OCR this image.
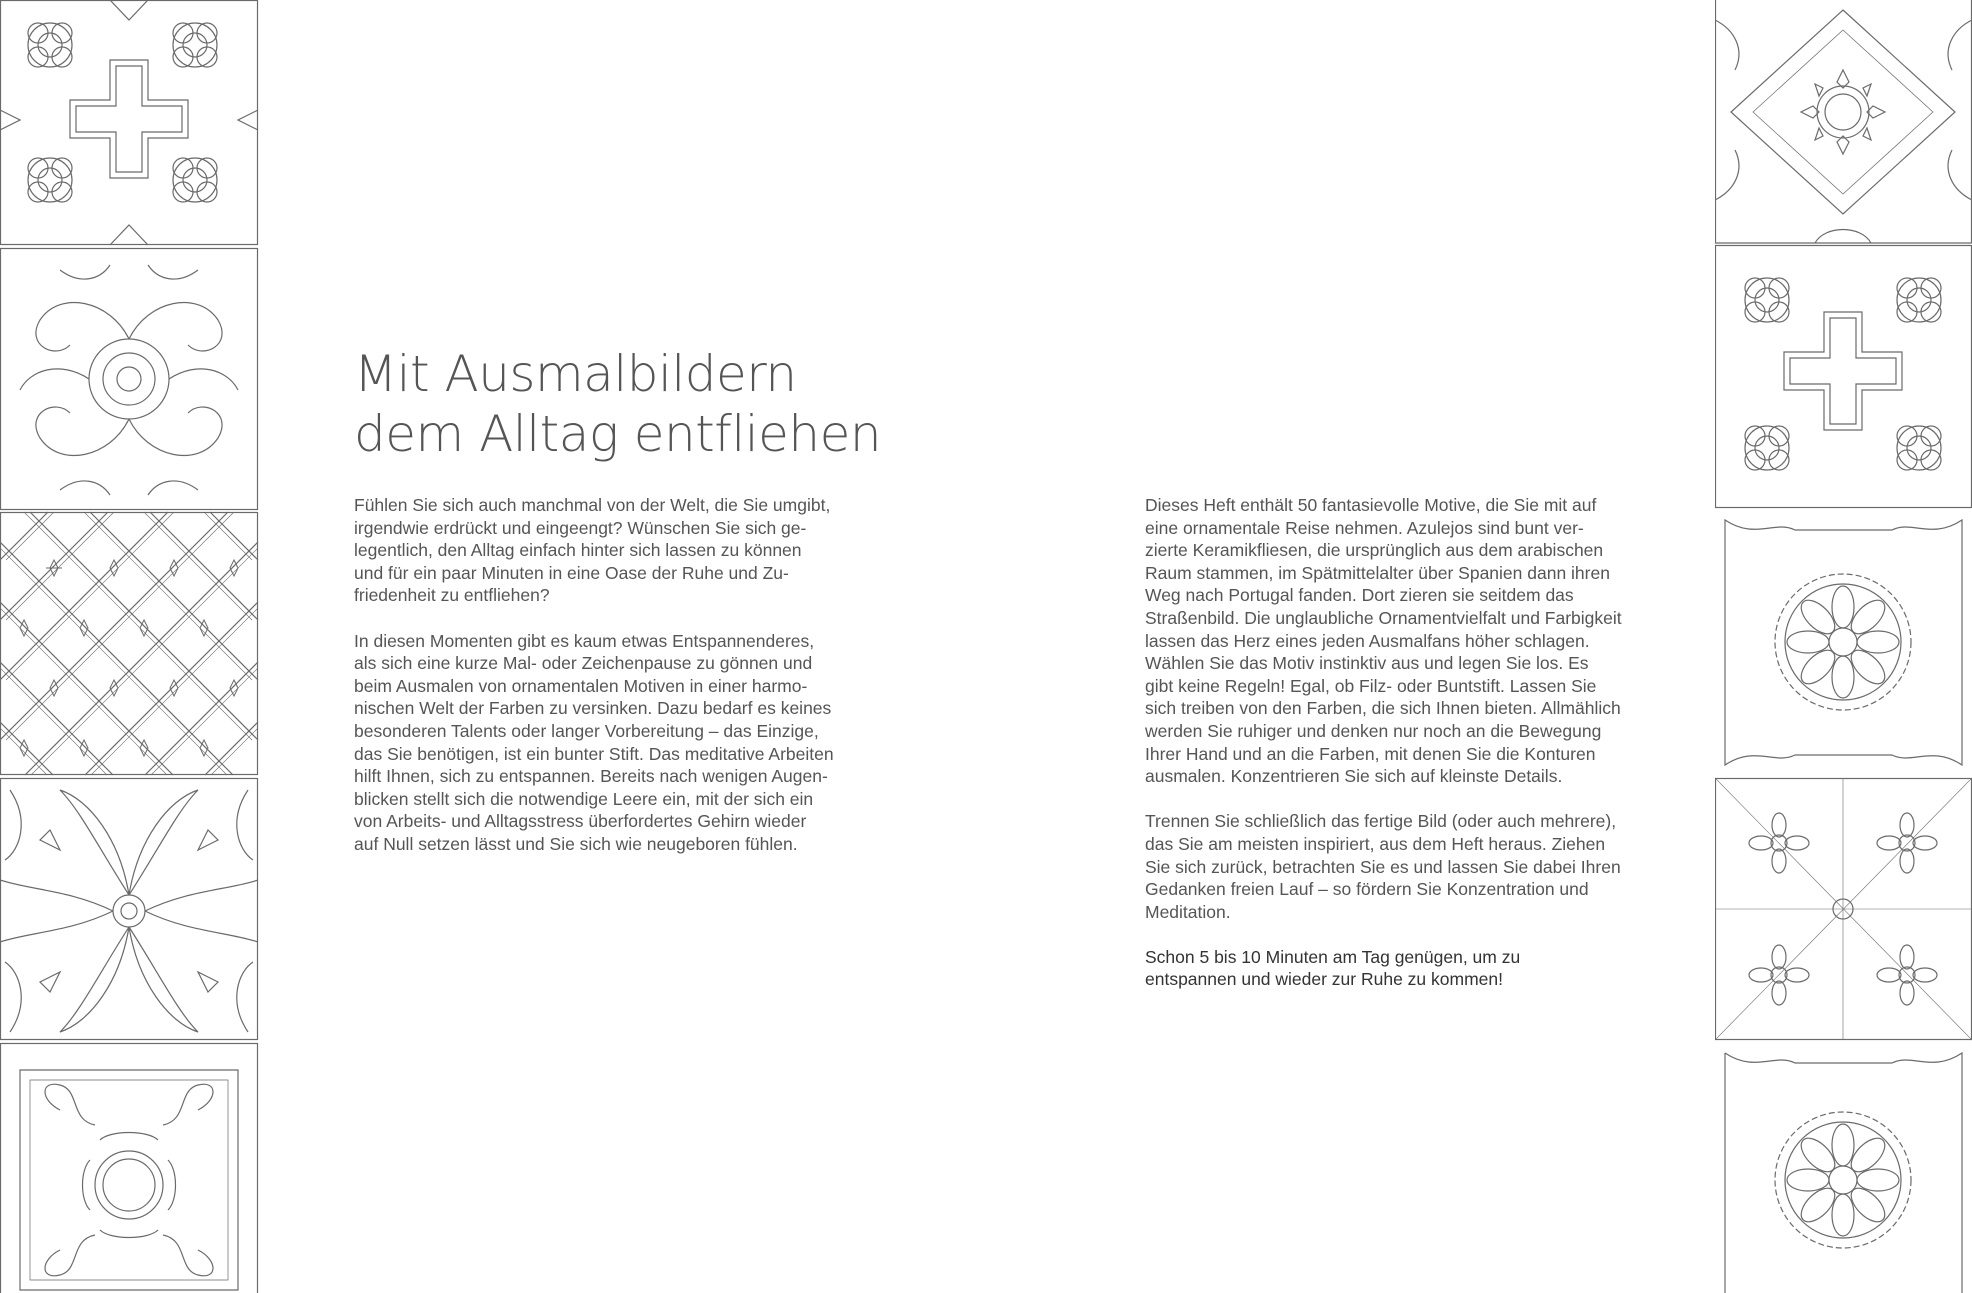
Mit Ausmalbildern
dem Alltag entfliehen

Fühlen Sie sich auch manchmal von der Welt, die Sie umgibt,
irgendwie erdrückt und eingeengt? Wünschen Sie sich ge-
legentlich, den Alltag einfach hinter sich lassen zu können
und für ein paar Minuten in eine Oase der Ruhe und Zu-
friedenheit zu entfliehen?

In diesen Momenten gibt es kaum etwas Entspannenderes,
als sich eine kurze Mal- oder Zeichenpause zu gönnen und
beim Ausmalen von ornamentalen Motiven in einer harmo-
nischen Welt der Farben zu versinken. Dazu bedarf es keines
besonderen Talents oder langer Vorbereitung – das Einzige,
das Sie benötigen, ist ein bunter Stift. Das meditative Arbeiten
hilft Ihnen, sich zu entspannen. Bereits nach wenigen Augen-
blicken stellt sich die notwendige Leere ein, mit der sich ein
von Arbeits- und Alltagsstress überfordertes Gehirn wieder
auf Null setzen lässt und Sie sich wie neugeboren fühlen.

Dieses Heft enthält 50 fantasievolle Motive, die Sie mit auf
eine ornamentale Reise nehmen. Azulejos sind bunt ver-
zierte Keramikfliesen, die ursprünglich aus dem arabischen
Raum stammen, im Spätmittelalter über Spanien dann ihren
Weg nach Portugal fanden. Dort zieren sie seitdem das
Straßenbild. Die unglaubliche Ornamentvielfalt und Farbigkeit
lassen das Herz eines jeden Ausmalfans höher schlagen.
Wählen Sie das Motiv instinktiv aus und legen Sie los. Es
gibt keine Regeln! Egal, ob Filz- oder Buntstift. Lassen Sie
sich treiben von den Farben, die sich Ihnen bieten. Allmählich
werden Sie ruhiger und denken nur noch an die Bewegung
Ihrer Hand und an die Farben, mit denen Sie die Konturen
ausmalen. Konzentrieren Sie sich auf kleinste Details.

Trennen Sie schließlich das fertige Bild (oder auch mehrere),
das Sie am meisten inspiriert, aus dem Heft heraus. Ziehen
Sie sich zurück, betrachten Sie es und lassen Sie dabei Ihren
Gedanken freien Lauf – so fördern Sie Konzentration und
Meditation.

Schon 5 bis 10 Minuten am Tag genügen, um zu
entspannen und wieder zur Ruhe zu kommen!
